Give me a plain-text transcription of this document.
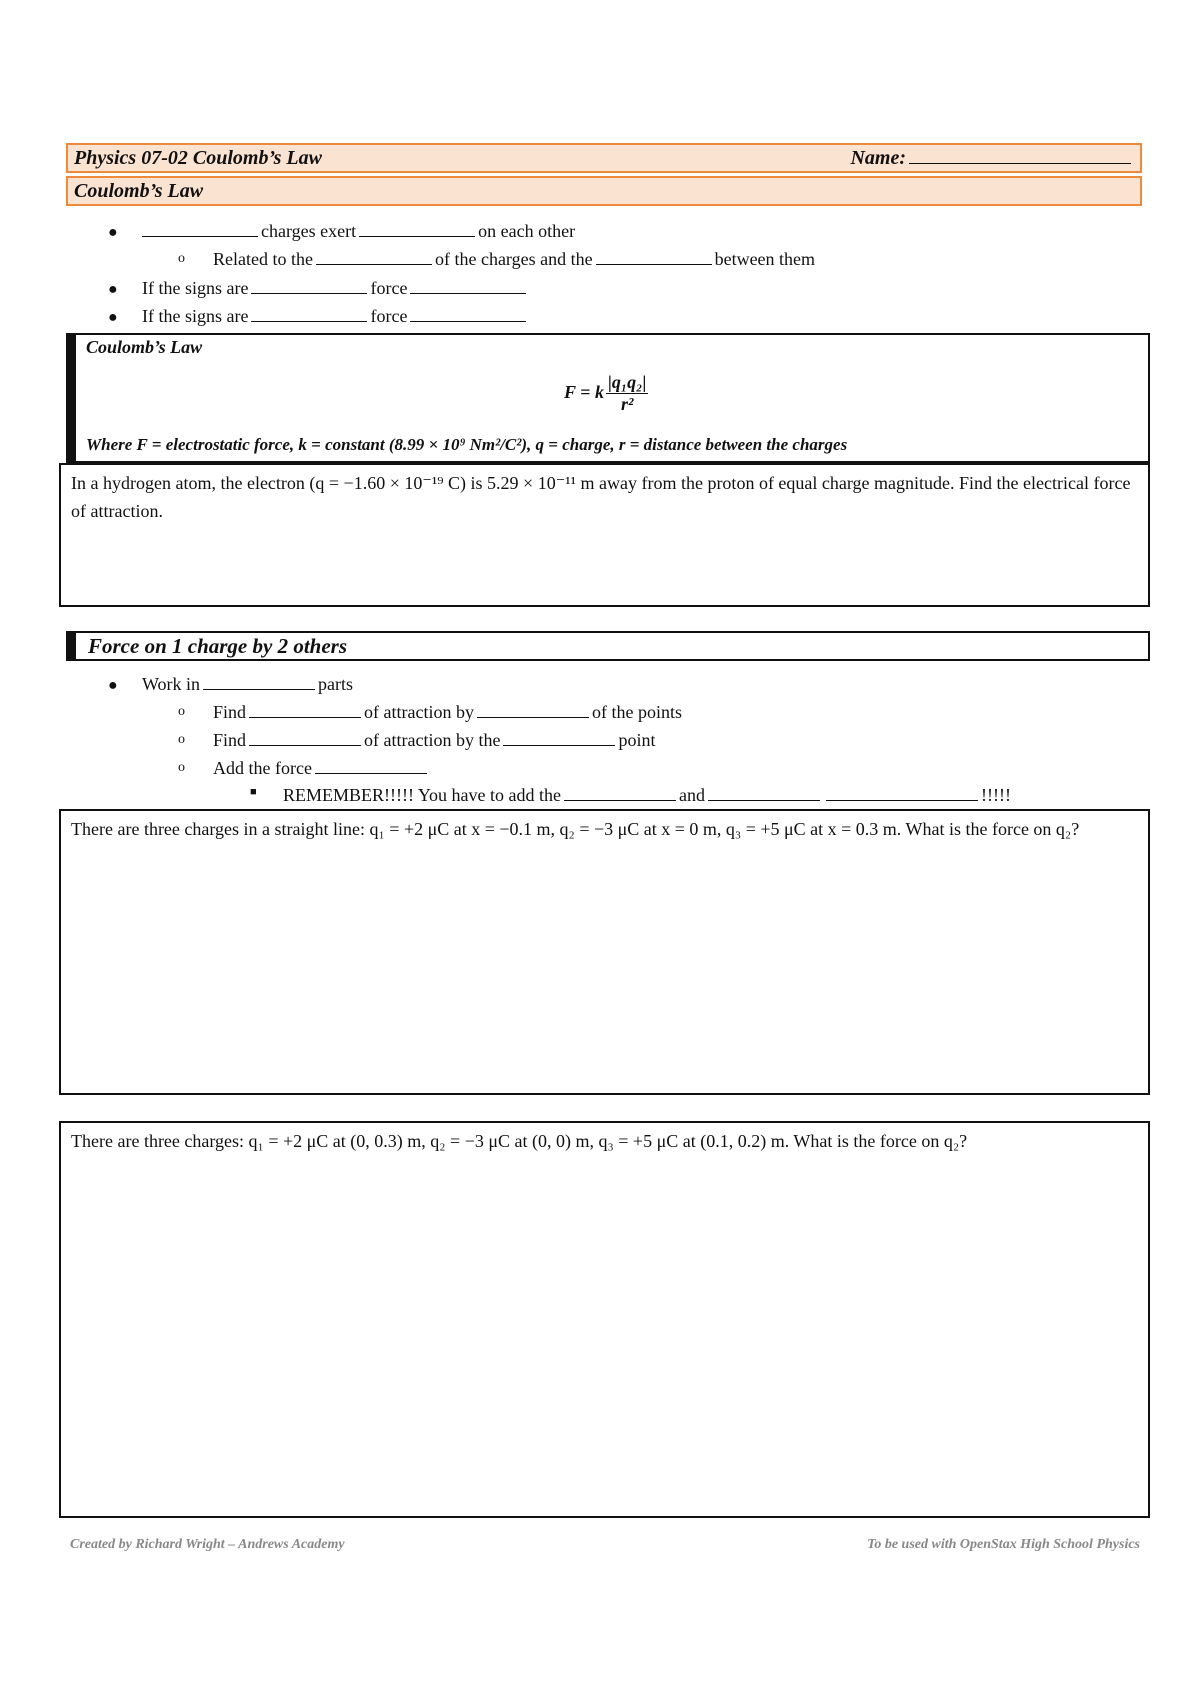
Physics 07-02 Coulomb’s Law	Name:
Coulomb’s Law
●	charges exert	on each other
o Related to the	of the charges and the	between them
● If the signs are	force
● If the signs are	force
Coulomb’s Law
F = k $\frac{\text{|q₁q₂|}}{\text{r²}}$
Where F = electrostatic force, k = constant (8.99 × 10⁹ Nm²/C²), q = charge, r = distance between the charges
In a hydrogen atom, the electron (q = −1.60 × 10⁻¹⁹ C) is 5.29 × 10⁻¹¹ m away from the proton of equal charge magnitude. Find the electrical force of attraction.
Force on 1 charge by 2 others
● Work in	parts
o Find	of attraction by	of the points
o Find	of attraction by the	point
o Add the force
■ REMEMBER!!!!! You have to add the	and	!!!!!
There are three charges in a straight line: q₁ = +2 μC at x = −0.1 m, q₂ = −3 μC at x = 0 m, q₃ = +5 μC at x = 0.3 m. What is the force on q₂?
There are three charges: q₁ = +2 μC at (0, 0.3) m, q₂ = −3 μC at (0, 0) m, q₃ = +5 μC at (0.1, 0.2) m. What is the force on q₂?
Created by Richard Wright – Andrews Academy	To be used with OpenStax High School Physics
